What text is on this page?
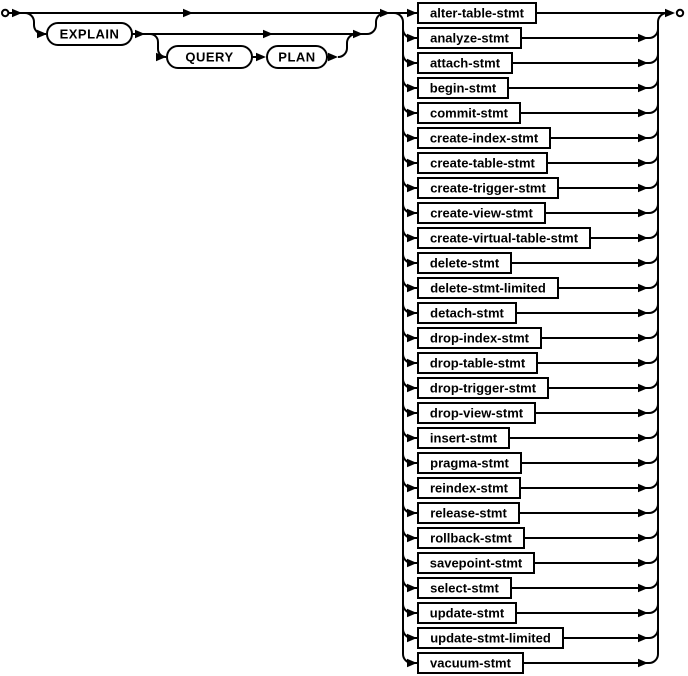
EXPLAIN
QUERY	PLAN
alter-table-stmt
analyze-stmt
attach-stmt
begin-stmt
commit-stmt
create-index-stmt
create-table-stmt
create-trigger-stmt
create-view-stmt
create-virtual-table-stmt
delete-stmt
delete-stmt-limited
detach-stmt
drop-index-stmt
drop-table-stmt
drop-trigger-stmt
drop-view-stmt
insert-stmt
pragma-stmt
reindex-stmt
release-stmt
rollback-stmt
savepoint-stmt
select-stmt
update-stmt
update-stmt-limited
vacuum-stmt
